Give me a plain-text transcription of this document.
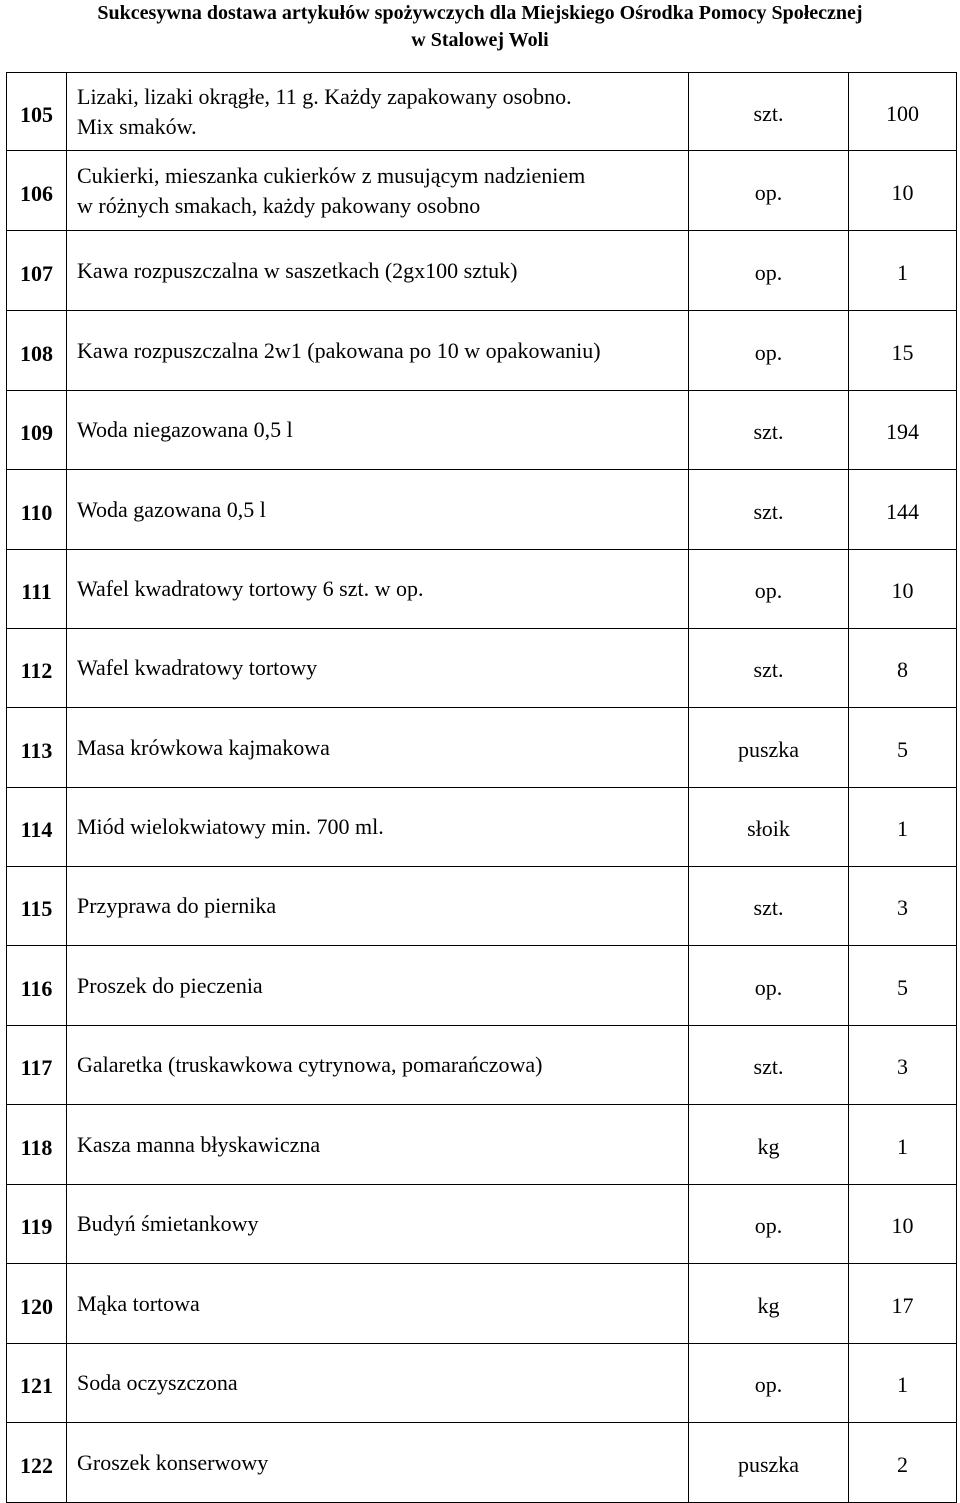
Sukcesywna dostawa artykułów spożywczych dla Miejskiego Ośrodka Pomocy Społecznej
w Stalowej Woli
105	Lizaki, lizaki okrągłe, 11 g. Każdy zapakowany osobno.
Mix smaków.	szt.	100
106	Cukierki, mieszanka cukierków z musującym nadzieniem
w różnych smakach, każdy pakowany osobno	op.	10
107	Kawa rozpuszczalna w saszetkach (2gx100 sztuk)	op.	1
108	Kawa rozpuszczalna 2w1 (pakowana po 10 w opakowaniu)	op.	15
109	Woda niegazowana 0,5 l	szt.	194
110	Woda gazowana 0,5 l	szt.	144
111	Wafel kwadratowy tortowy 6 szt. w op.	op.	10
112	Wafel kwadratowy tortowy	szt.	8
113	Masa krówkowa kajmakowa	puszka	5
114	Miód wielokwiatowy min. 700 ml.	słoik	1
115	Przyprawa do piernika	szt.	3
116	Proszek do pieczenia	op.	5
117	Galaretka (truskawkowa cytrynowa, pomarańczowa)	szt.	3
118	Kasza manna błyskawiczna	kg	1
119	Budyń śmietankowy	op.	10
120	Mąka tortowa	kg	17
121	Soda oczyszczona	op.	1
122	Groszek konserwowy	puszka	2
